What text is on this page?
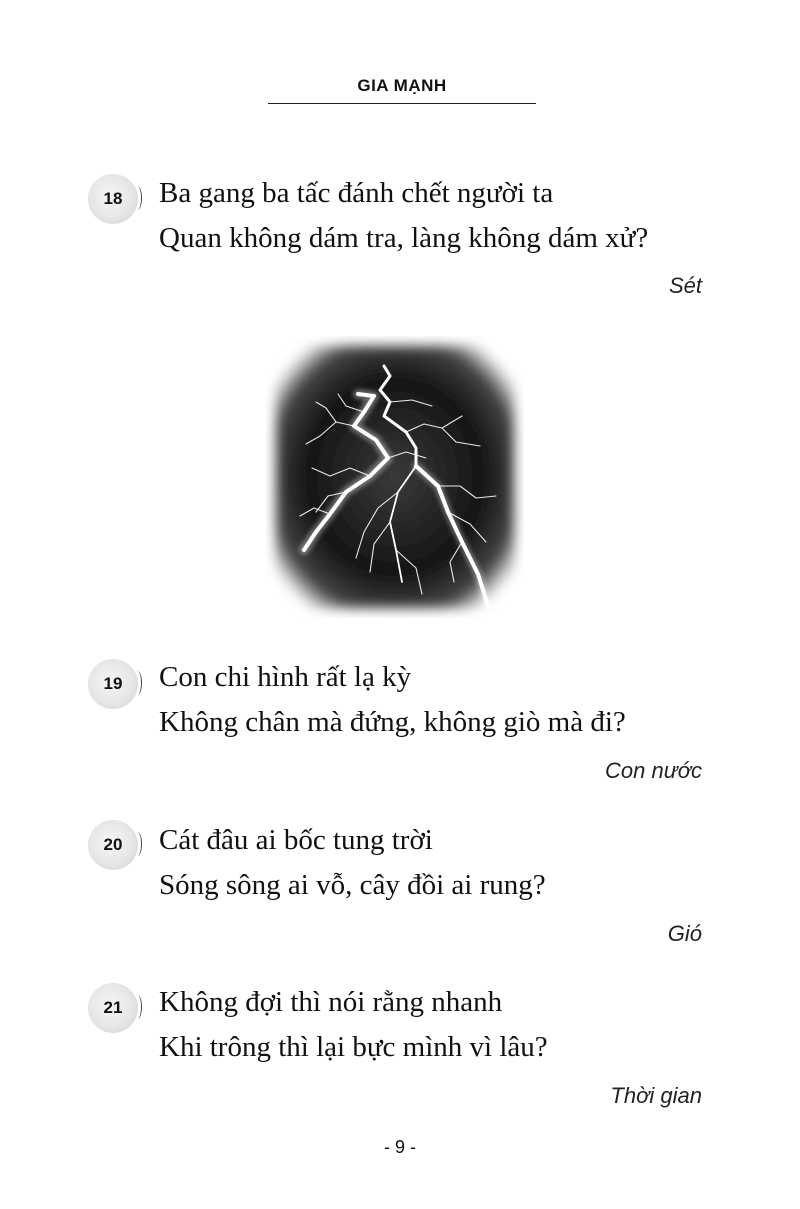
GIA MẠNH
18	Ba gang ba tấc đánh chết người ta
Quan không dám tra, làng không dám xử?
Sét
19	Con chi hình rất lạ kỳ
Không chân mà đứng, không giò mà đi?
Con nước
20	Cát đâu ai bốc tung trời
Sóng sông ai vỗ, cây đồi ai rung?
Gió
21	Không đợi thì nói rằng nhanh
Khi trông thì lại bực mình vì lâu?
Thời gian
- 9 -
